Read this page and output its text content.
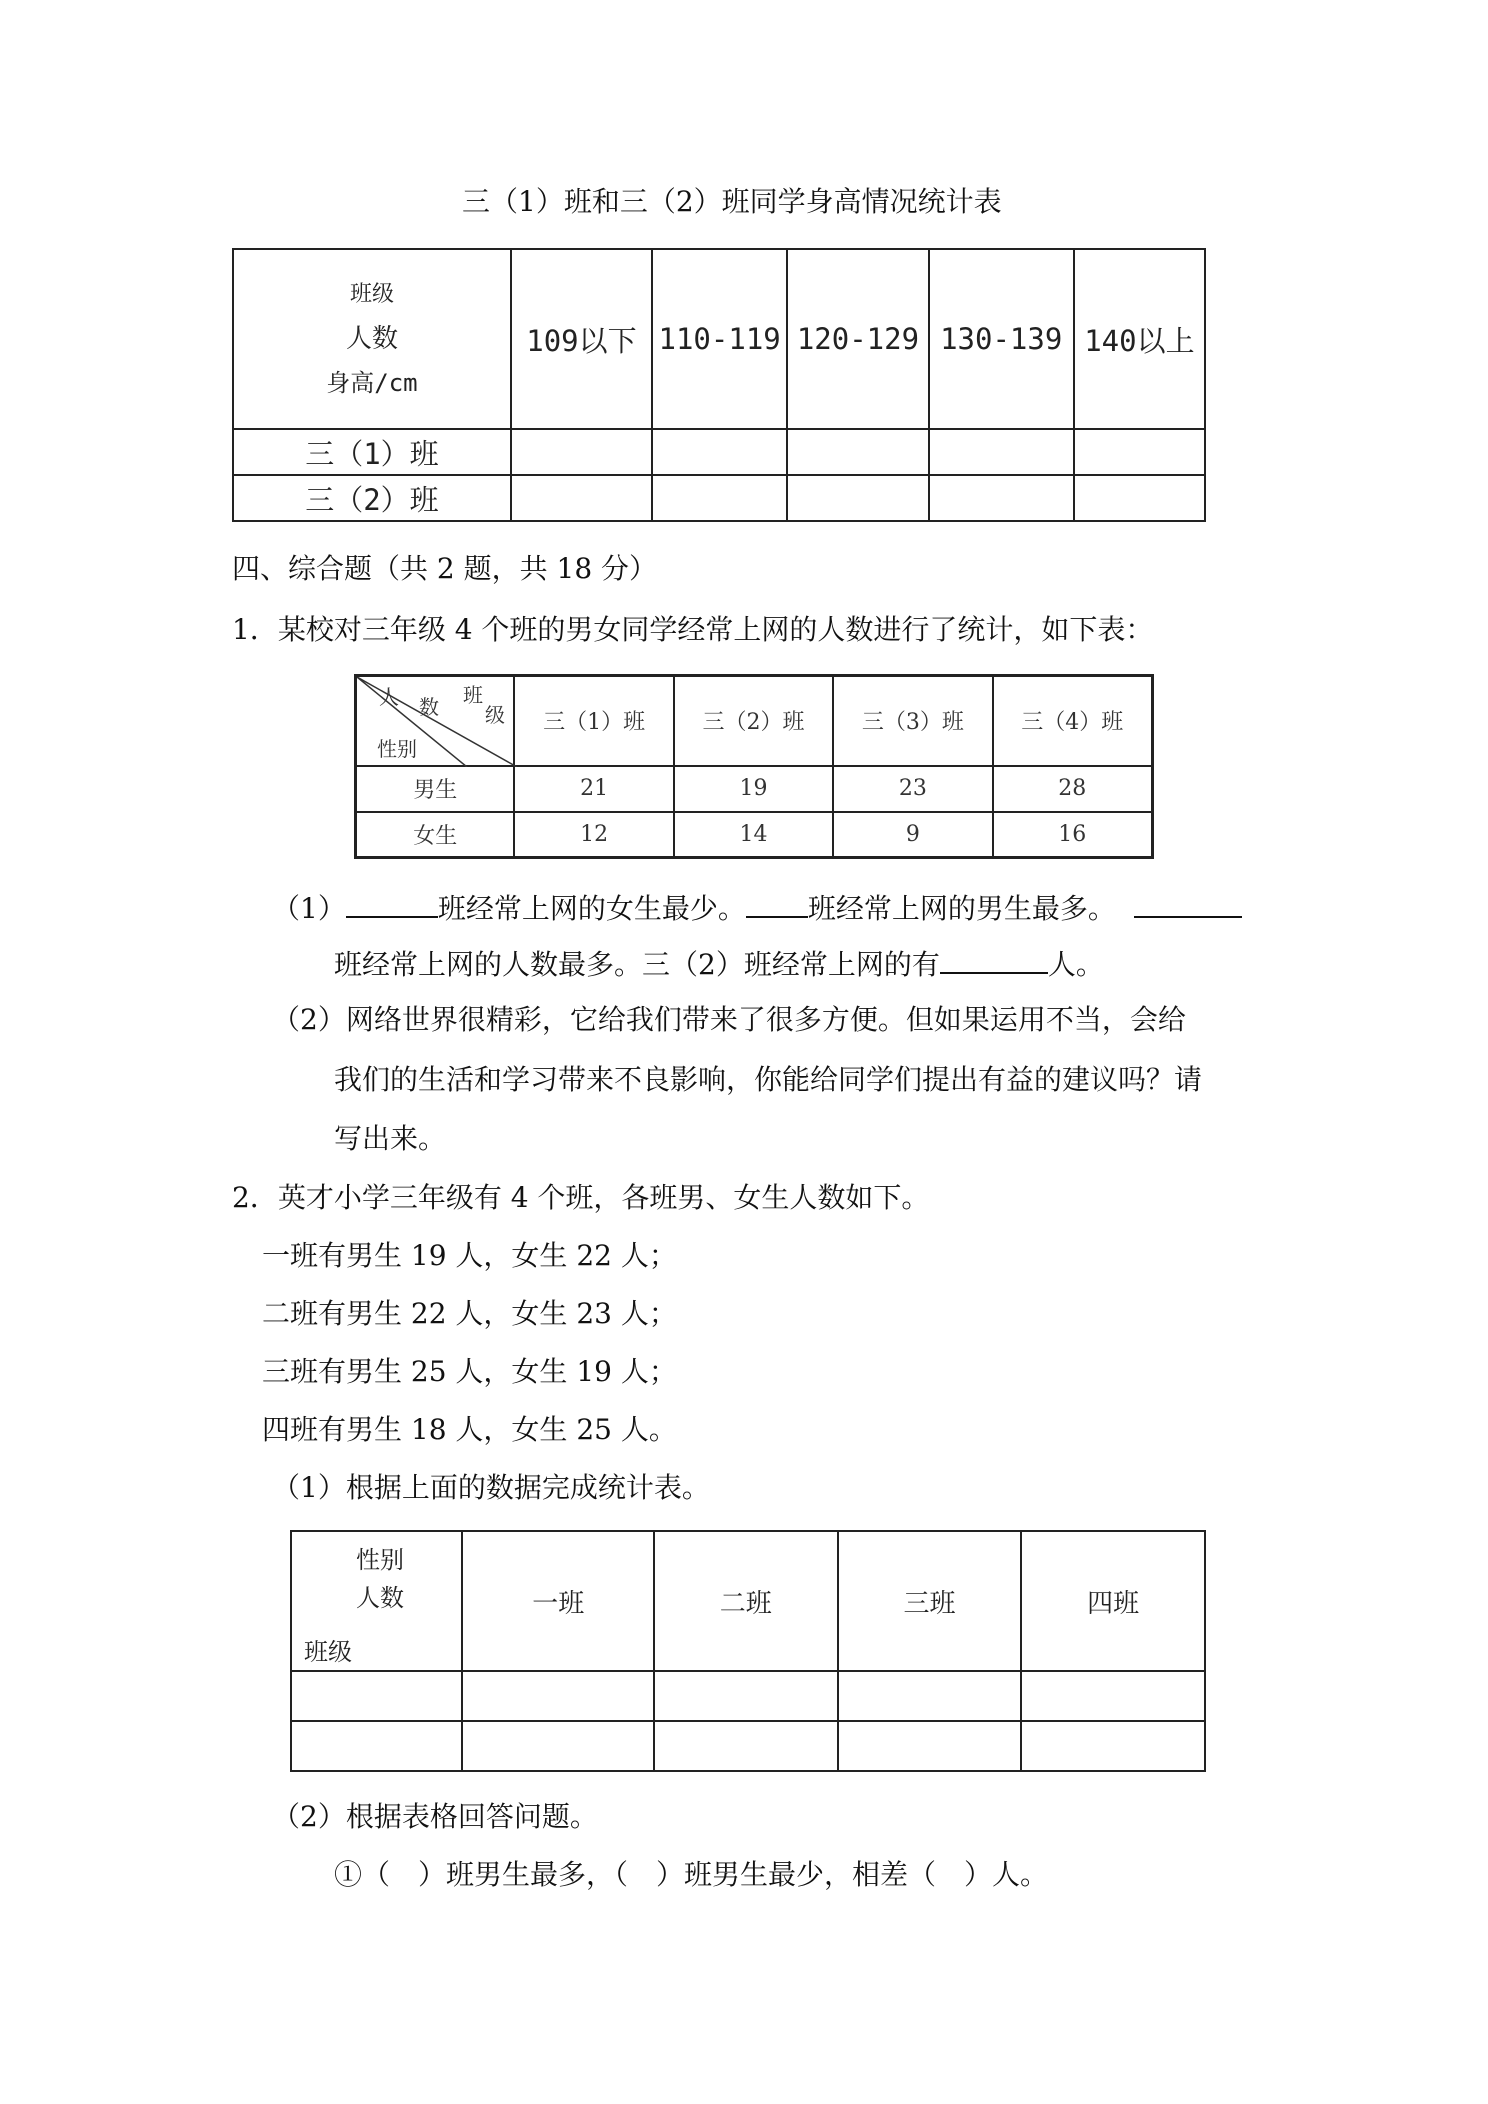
三（1）班和三（2）班同学身高情况统计表
班级
人数
身高/cm	109以下	110-119	120-129	130-139	140以上
三（1）班					
三（2）班					
四、综合题（共 2 题，共 18 分）
1．某校对三年级 4 个班的男女同学经常上网的人数进行了统计，如下表：
人 数 班
级
性别	三（1）班	三（2）班	三（3）班	三（4）班
男生	21	19	23	28
女生	12	14	9	16
（1）	班经常上网的女生最少。 班经常上网的男生最多。
班经常上网的人数最多。三（2）班经常上网的有	人。
（2）网络世界很精彩，它给我们带来了很多方便。但如果运用不当，会给
我们的生活和学习带来不良影响，你能给同学们提出有益的建议吗？请
写出来。
2．英才小学三年级有 4 个班，各班男、女生人数如下。
一班有男生 19 人，女生 22 人；
二班有男生 22 人，女生 23 人；
三班有男生 25 人，女生 19 人；
四班有男生 18 人，女生 25 人。
（1）根据上面的数据完成统计表。
性别
人数
班级	一班	二班	三班	四班

（2）根据表格回答问题。
①（　）班男生最多，（　）班男生最少，相差（　）人。
